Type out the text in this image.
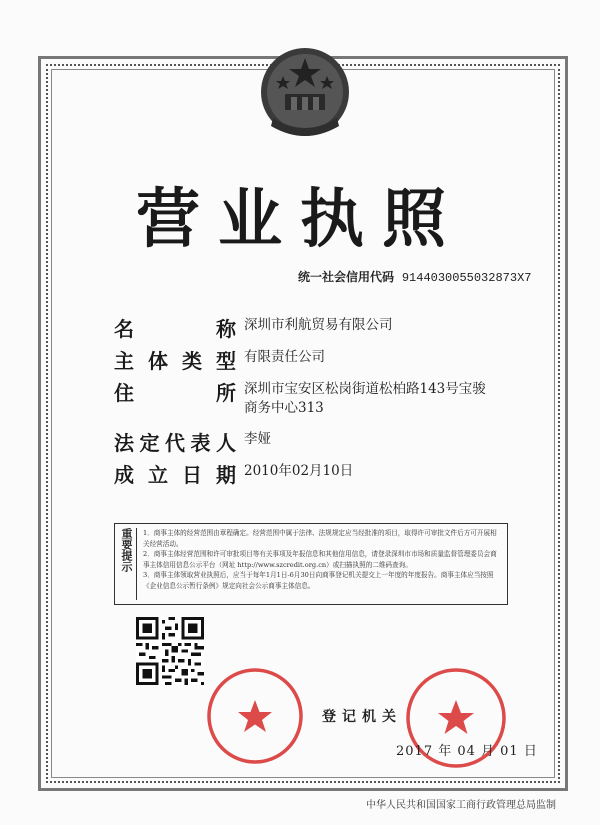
营业执照
统一社会信用代码 9144030055032873X7
名	称 深圳市利航贸易有限公司
主 体 类 型 有限责任公司
住	所 深圳市宝安区松岗街道松柏路143号宝骏商务中心313
法 定 代 表 人 李娅
成 立 日 期 2010年02月10日
重要提示	1．商事主体的经营范围由章程确定。经营范围中属于法律、法规规定应当经批准的项目，取得许可审批文件后方可开展相关经营活动。
2．商事主体经营范围和许可审批项目等有关事项及年报信息和其他信用信息，请登录深圳市市场和质量监督管理委员会商事主体信用信息公示平台（网址 http://www.szcredit.org.cn）或扫描执照的二维码查询。
3．商事主体领取营业执照后，应当于每年1月1日-6月30日向商事登记机关提交上一年度的年度报告。商事主体应当按照《企业信息公示暂行条例》规定向社会公示商事主体信息。
登记机关
2017 年 04 月 01 日
中华人民共和国国家工商行政管理总局监制
